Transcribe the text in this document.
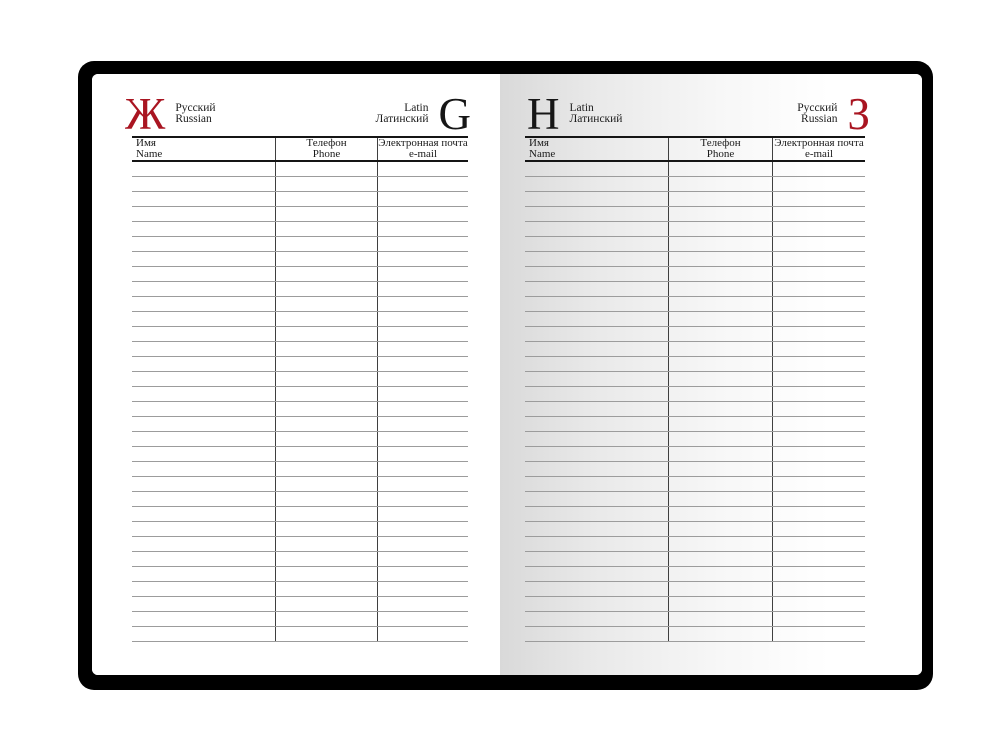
Ж Русский
Russian
Latin
Латинский G
Имя
Name
Телефон
Phone
Электронная почта
e-mail
H Latin
Латинский
Русский
Russian З
Имя
Name
Телефон
Phone
Электронная почта
e-mail
